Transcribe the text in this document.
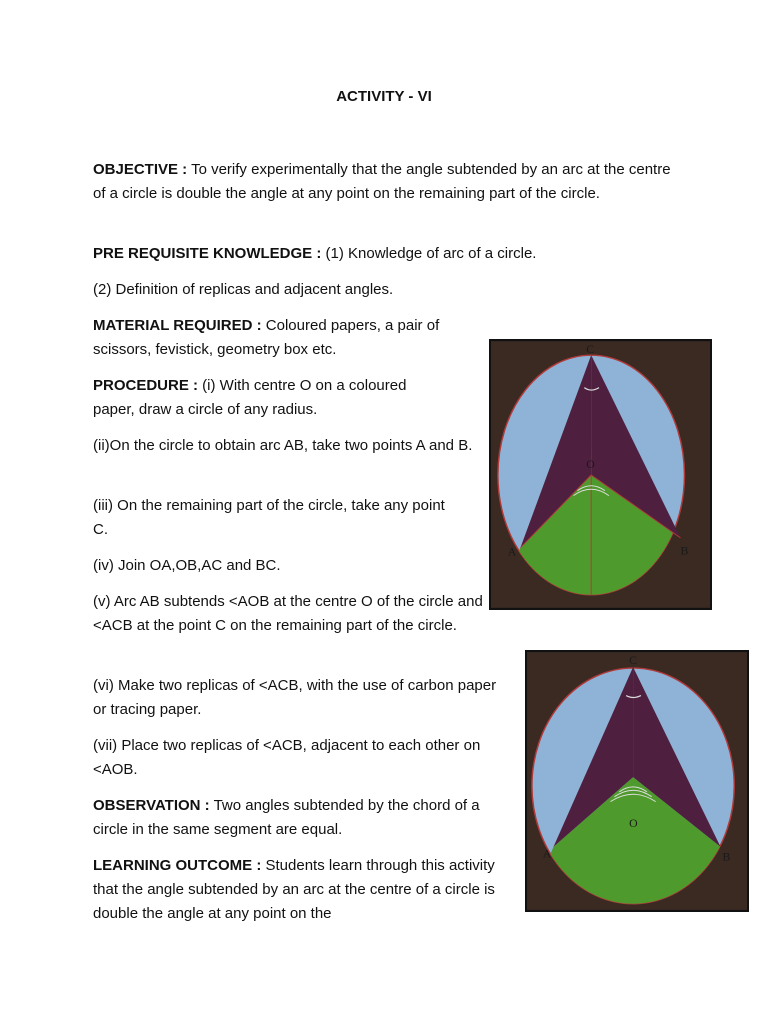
ACTIVITY - VI
OBJECTIVE : To verify experimentally that the angle subtended by an arc at the centre of a circle is double the angle at any point on the remaining part of the circle.
PRE REQUISITE KNOWLEDGE : (1) Knowledge of arc of a circle.
(2) Definition of replicas and adjacent angles.
MATERIAL REQUIRED : Coloured papers, a pair of scissors, fevistick, geometry box etc.
PROCEDURE : (i) With centre O on a coloured paper, draw a circle of any radius.
(ii)On the circle to obtain arc AB, take two points A and B.
(iii) On the remaining part of the circle, take any point C.
(iv) Join OA,OB,AC and BC.
(v) Arc AB subtends <AOB at the centre O of the circle and <ACB at the point C on the remaining part of the circle.
(vi) Make two replicas of <ACB, with the use of carbon paper or tracing paper.
(vii) Place two replicas of <ACB, adjacent to each other on <AOB.
OBSERVATION : Two angles subtended by the chord of a circle in the same segment are equal.
LEARNING OUTCOME : Students learn through this activity that the angle subtended by an arc at the centre of a circle is double the angle at any point on the
C
O
A	B
C
O
A	B
